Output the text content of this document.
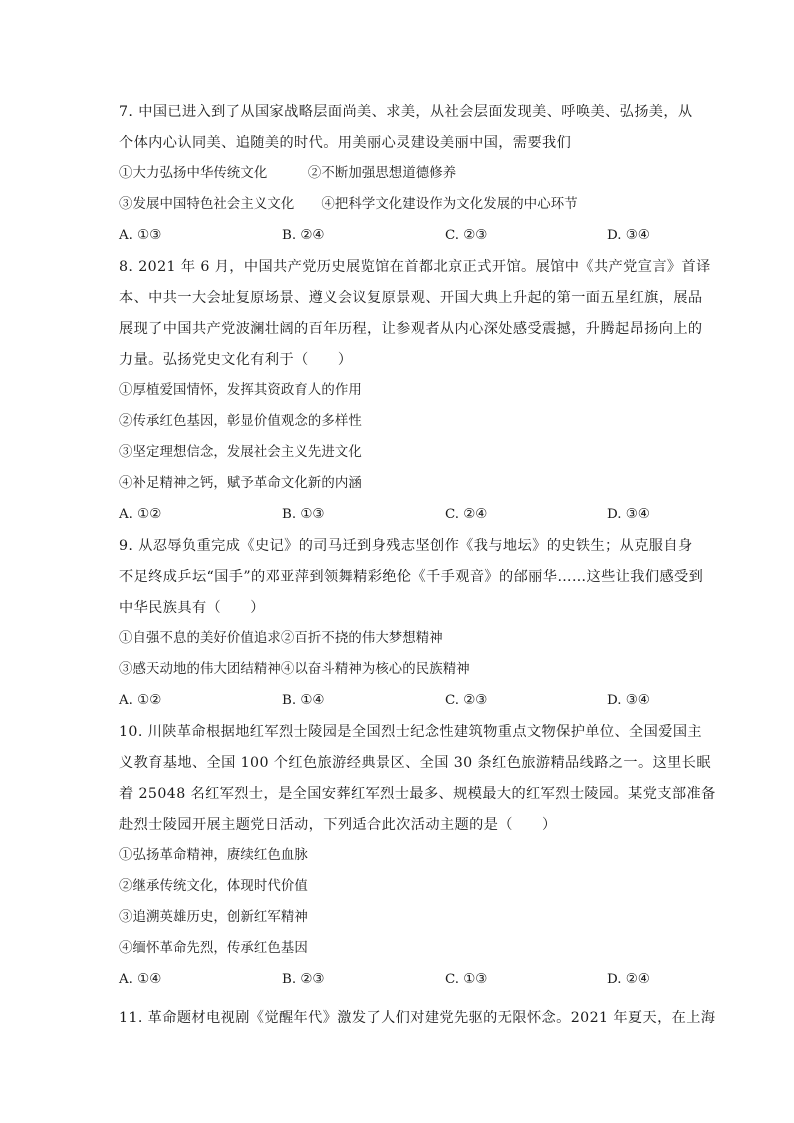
7. 中国已进入到了从国家战略层面尚美、求美，从社会层面发现美、呼唤美、弘扬美，从
个体内心认同美、追随美的时代。用美丽心灵建设美丽中国，需要我们
①大力弘扬中华传统文化　　　②不断加强思想道德修养
③发展中国特色社会主义文化　　④把科学文化建设作为文化发展的中心环节
A. ①③	B. ②④	C. ②③	D. ③④
8. 2021 年 6 月，中国共产党历史展览馆在首都北京正式开馆。展馆中《共产党宣言》首译
本、中共一大会址复原场景、遵义会议复原景观、开国大典上升起的第一面五星红旗，展品
展现了中国共产党波澜壮阔的百年历程，让参观者从内心深处感受震撼，升腾起昂扬向上的
力量。弘扬党史文化有利于（　　）
①厚植爱国情怀，发挥其资政育人的作用
②传承红色基因，彰显价值观念的多样性
③坚定理想信念，发展社会主义先进文化
④补足精神之钙，赋予革命文化新的内涵
A. ①②	B. ①③	C. ②④	D. ③④
9. 从忍辱负重完成《史记》的司马迁到身残志坚创作《我与地坛》的史铁生；从克服自身
不足终成乒坛“国手”的邓亚萍到领舞精彩绝伦《千手观音》的邰丽华……这些让我们感受到
中华民族具有（　　）
①自强不息的美好价值追求②百折不挠的伟大梦想精神
③感天动地的伟大团结精神④以奋斗精神为核心的民族精神
A. ①②	B. ①④	C. ②③	D. ③④
10. 川陕革命根据地红军烈士陵园是全国烈士纪念性建筑物重点文物保护单位、全国爱国主
义教育基地、全国 100 个红色旅游经典景区、全国 30 条红色旅游精品线路之一。这里长眠
着 25048 名红军烈士，是全国安葬红军烈士最多、规模最大的红军烈士陵园。某党支部准备
赴烈士陵园开展主题党日活动，下列适合此次活动主题的是（　　）
①弘扬革命精神，赓续红色血脉
②继承传统文化，体现时代价值
③追溯英雄历史，创新红军精神
④缅怀革命先烈，传承红色基因
A. ①④	B. ②③	C. ①③	D. ②④
11. 革命题材电视剧《觉醒年代》激发了人们对建党先驱的无限怀念。2021 年夏天，在上海
